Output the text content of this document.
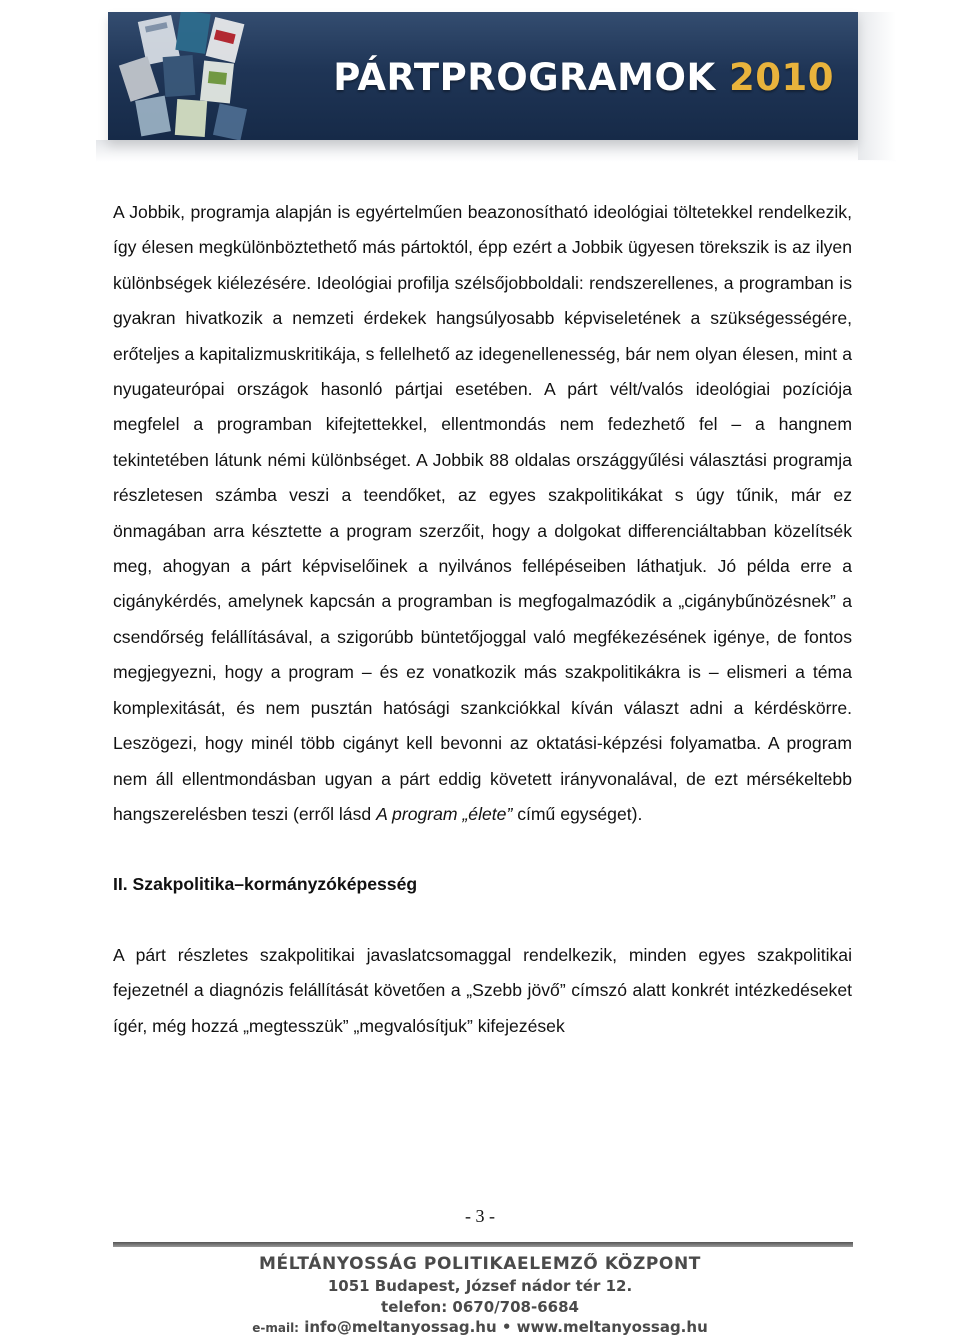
PÁRTPROGRAMOK 2010

A Jobbik, programja alapján is egyértelműen beazonosítható ideológiai töltetekkel rendelkezik, így élesen megkülönböztethető más pártoktól, épp ezért a Jobbik ügyesen törekszik is az ilyen különbségek kiélezésére. Ideológiai profilja szélsőjobboldali: rendszerellenes, a programban is gyakran hivatkozik a nemzeti érdekek hangsúlyosabb képviseletének a szükségességére, erőteljes a kapitalizmuskritikája, s fellelhető az idegenellenesség, bár nem olyan élesen, mint a nyugateurópai országok hasonló pártjai esetében. A párt vélt/valós ideológiai pozíciója megfelel a programban kifejtettekkel, ellentmondás nem fedezhető fel – a hangnem tekintetében látunk némi különbséget. A Jobbik 88 oldalas országgyűlési választási programja részletesen számba veszi a teendőket, az egyes szakpolitikákat s úgy tűnik, már ez önmagában arra késztette a program szerzőit, hogy a dolgokat differenciáltabban közelítsék meg, ahogyan a párt képviselőinek a nyilvános fellépéseiben láthatjuk. Jó példa erre a cigánykérdés, amelynek kapcsán a programban is megfogalmazódik a „cigánybűnözésnek” a csendőrség felállításával, a szigorúbb büntetőjoggal való megfékezésének igénye, de fontos megjegyezni, hogy a program – és ez vonatkozik más szakpolitikákra is – elismeri a téma komplexitását, és nem pusztán hatósági szankciókkal kíván választ adni a kérdéskörre. Leszögezi, hogy minél több cigányt kell bevonni az oktatási-képzési folyamatba. A program nem áll ellentmondásban ugyan a párt eddig követett irányvonalával, de ezt mérsékeltebb hangszerelésben teszi (erről lásd A program „élete” című egységet).

II. Szakpolitika–kormányzóképesség

A párt részletes szakpolitikai javaslatcsomaggal rendelkezik, minden egyes szakpolitikai fejezetnél a diagnózis felállítását követően a „Szebb jövő” címszó alatt konkrét intézkedéseket ígér, még hozzá „megtesszük” „megvalósítjuk” kifejezések

- 3 -
MÉLTÁNYOSSÁG POLITIKAELEMZŐ KÖZPONT
1051 Budapest, József nádor tér 12.
telefon: 0670/708-6684
e-mail: info@meltanyossag.hu • www.meltanyossag.hu
